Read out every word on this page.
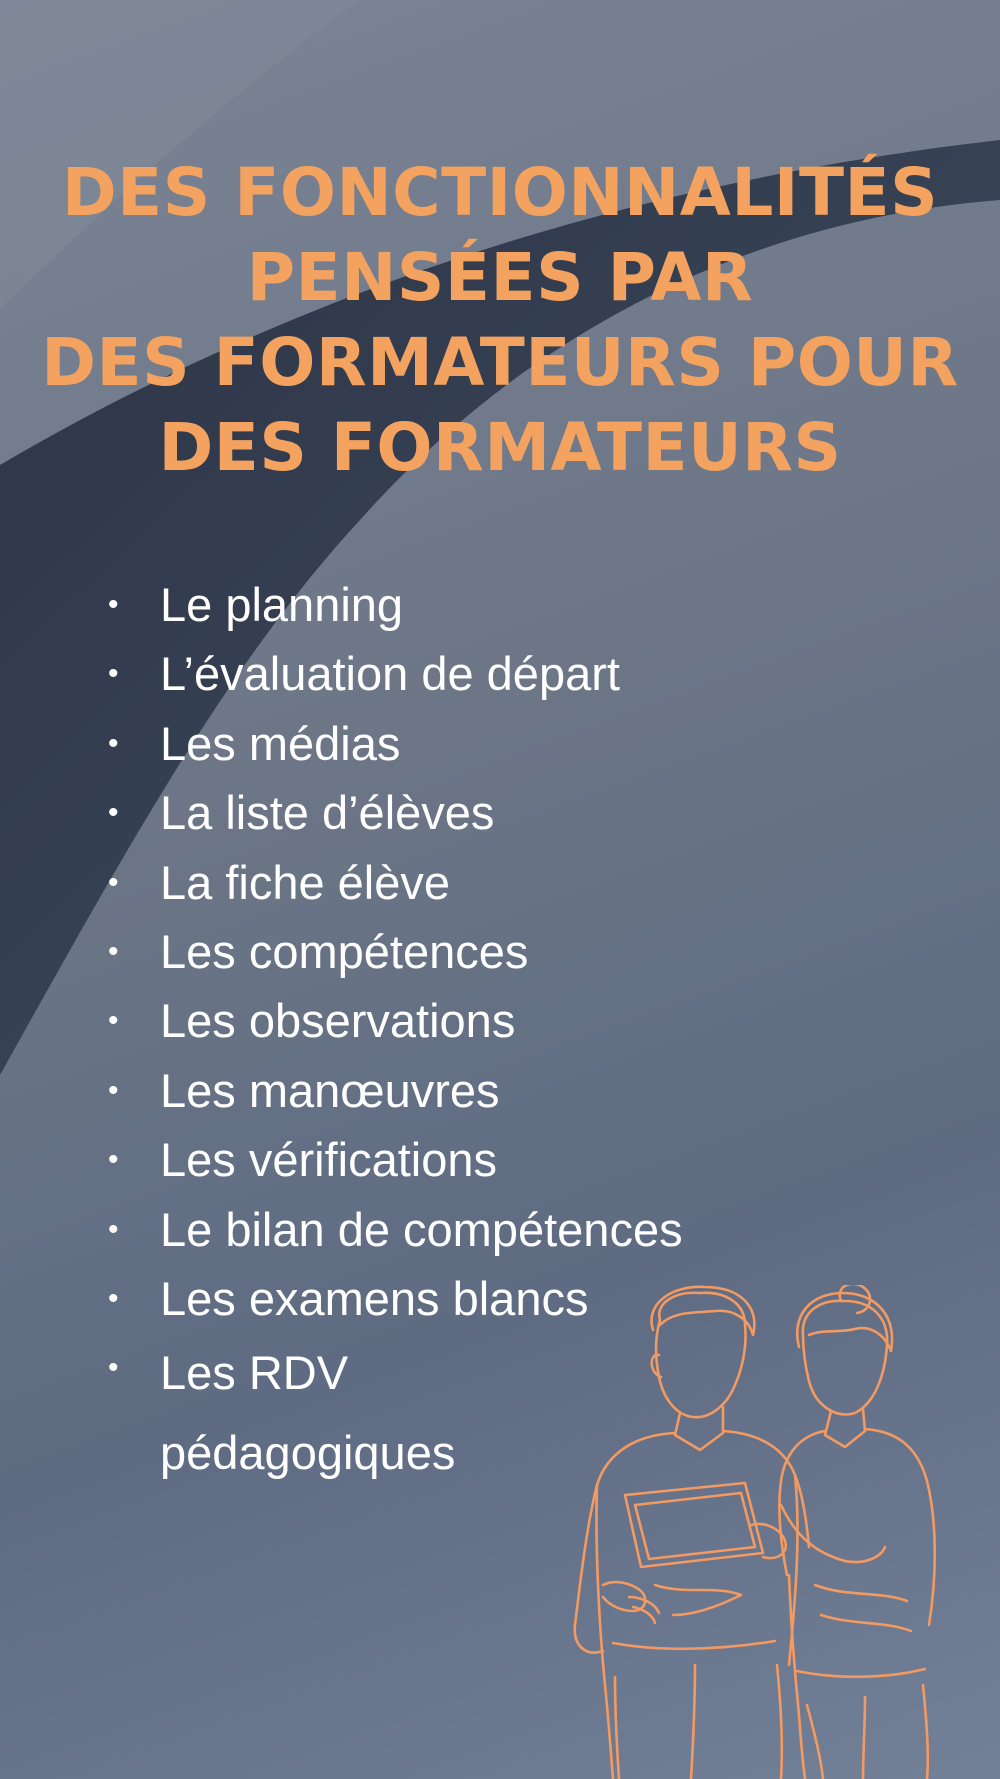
DES FONCTIONNALITÉS
PENSÉES PAR
DES FORMATEURS POUR
DES FORMATEURS
• Le planning
• L’évaluation de départ
• Les médias
• La liste d’élèves
• La fiche élève
• Les compétences
• Les observations
• Les manœuvres
• Les vérifications
• Le bilan de compétences
• Les examens blancs
• Les RDV pédagogiques
